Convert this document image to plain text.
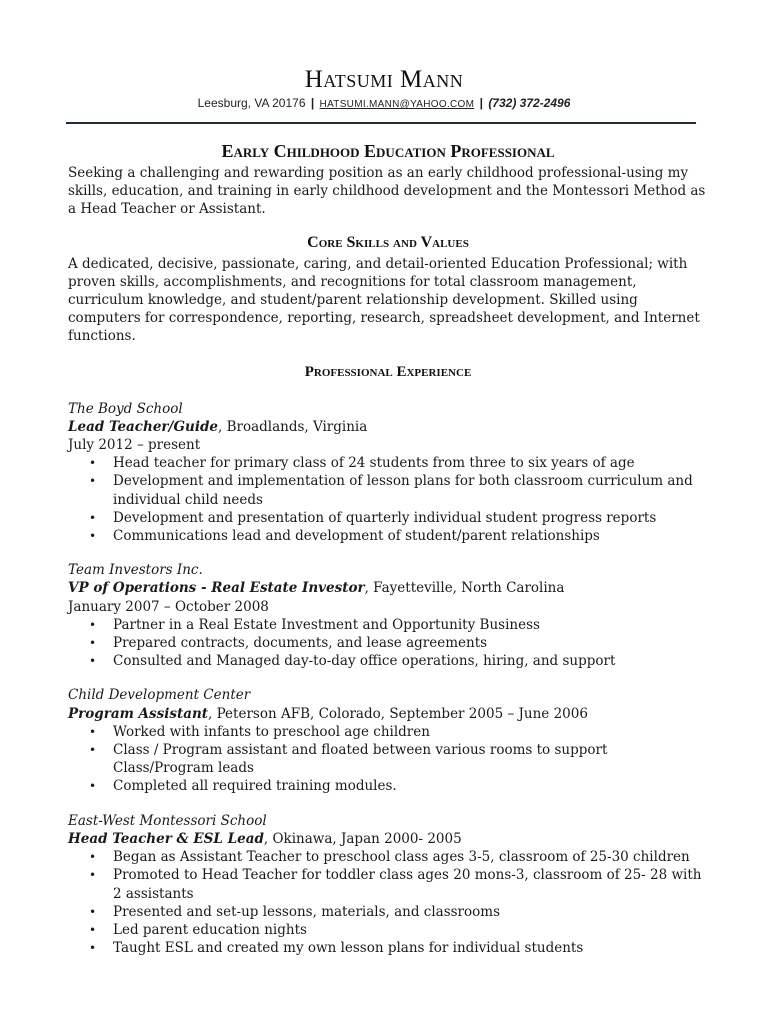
Hatsumi Mann
Leesburg, VA 20176 | HATSUMI.MANN@YAHOO.COM | (732) 372-2496
Early Childhood Education Professional

Seeking a challenging and rewarding position as an early childhood professional-using my skills, education, and training in early childhood development and the Montessori Method as a Head Teacher or Assistant.

Core Skills and Values

A dedicated, decisive, passionate, caring, and detail-oriented Education Professional; with proven skills, accomplishments, and recognitions for total classroom management, curriculum knowledge, and student/parent relationship development. Skilled using computers for correspondence, reporting, research, spreadsheet development, and Internet functions.

Professional Experience
The Boyd School
Lead Teacher/Guide, Broadlands, Virginia
July 2012 – present
• Head teacher for primary class of 24 students from three to six years of age
• Development and implementation of lesson plans for both classroom curriculum and individual child needs
• Development and presentation of quarterly individual student progress reports
• Communications lead and development of student/parent relationships
Team Investors Inc.
VP of Operations - Real Estate Investor, Fayetteville, North Carolina
January 2007 – October 2008
• Partner in a Real Estate Investment and Opportunity Business
• Prepared contracts, documents, and lease agreements
• Consulted and Managed day-to-day office operations, hiring, and support
Child Development Center
Program Assistant, Peterson AFB, Colorado, September 2005 – June 2006
• Worked with infants to preschool age children
• Class / Program assistant and floated between various rooms to support Class/Program leads
• Completed all required training modules.
East-West Montessori School
Head Teacher & ESL Lead, Okinawa, Japan 2000- 2005
• Began as Assistant Teacher to preschool class ages 3-5, classroom of 25-30 children
• Promoted to Head Teacher for toddler class ages 20 mons-3, classroom of 25- 28 with 2 assistants
• Presented and set-up lessons, materials, and classrooms
• Led parent education nights
• Taught ESL and created my own lesson plans for individual students
